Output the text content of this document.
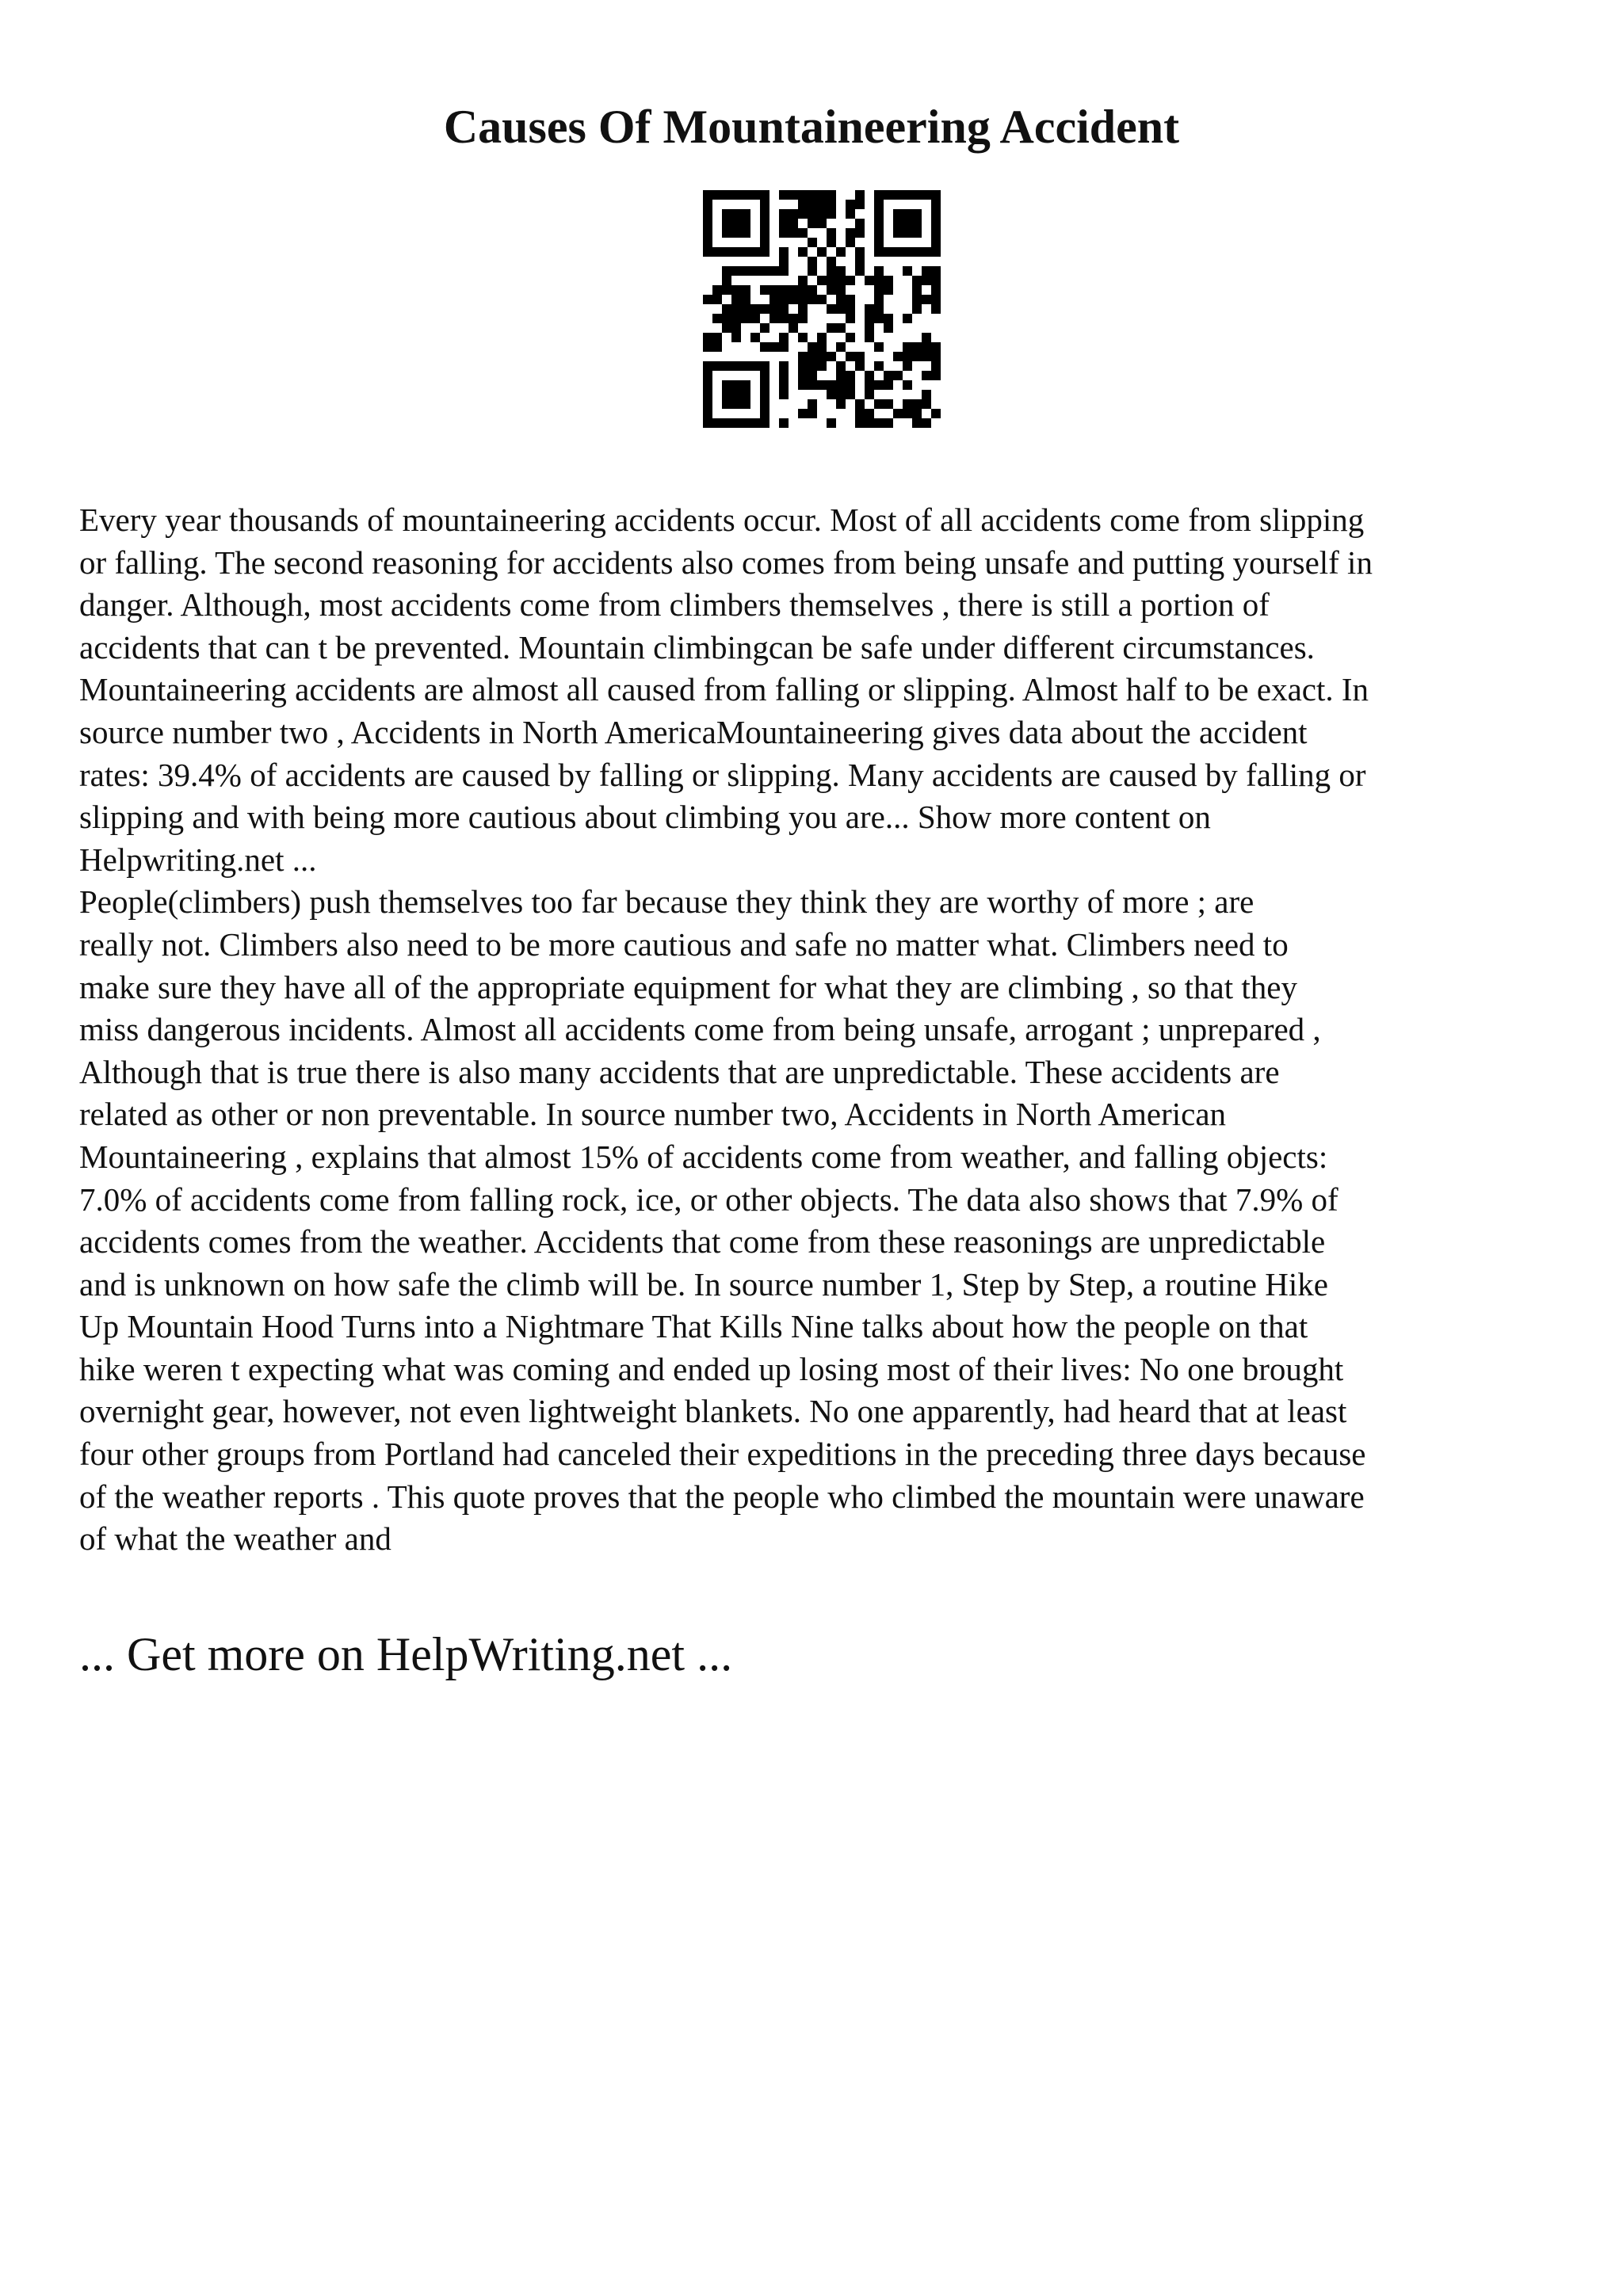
Causes Of Mountaineering Accident

Every year thousands of mountaineering accidents occur. Most of all accidents come from slipping
or falling. The second reasoning for accidents also comes from being unsafe and putting yourself in
danger. Although, most accidents come from climbers themselves , there is still a portion of
accidents that can t be prevented. Mountain climbingcan be safe under different circumstances.
Mountaineering accidents are almost all caused from falling or slipping. Almost half to be exact. In
source number two , Accidents in North AmericaMountaineering gives data about the accident
rates: 39.4% of accidents are caused by falling or slipping. Many accidents are caused by falling or
slipping and with being more cautious about climbing you are... Show more content on
Helpwriting.net ...

People(climbers) push themselves too far because they think they are worthy of more ; are
really not. Climbers also need to be more cautious and safe no matter what. Climbers need to
make sure they have all of the appropriate equipment for what they are climbing , so that they
miss dangerous incidents. Almost all accidents come from being unsafe, arrogant ; unprepared ,
Although that is true there is also many accidents that are unpredictable. These accidents are
related as other or non preventable. In source number two, Accidents in North American
Mountaineering , explains that almost 15% of accidents come from weather, and falling objects:
7.0% of accidents come from falling rock, ice, or other objects. The data also shows that 7.9% of
accidents comes from the weather. Accidents that come from these reasonings are unpredictable
and is unknown on how safe the climb will be. In source number 1, Step by Step, a routine Hike
Up Mountain Hood Turns into a Nightmare That Kills Nine talks about how the people on that
hike weren t expecting what was coming and ended up losing most of their lives: No one brought
overnight gear, however, not even lightweight blankets. No one apparently, had heard that at least
four other groups from Portland had canceled their expeditions in the preceding three days because
of the weather reports . This quote proves that the people who climbed the mountain were unaware
of what the weather and

... Get more on HelpWriting.net ...
